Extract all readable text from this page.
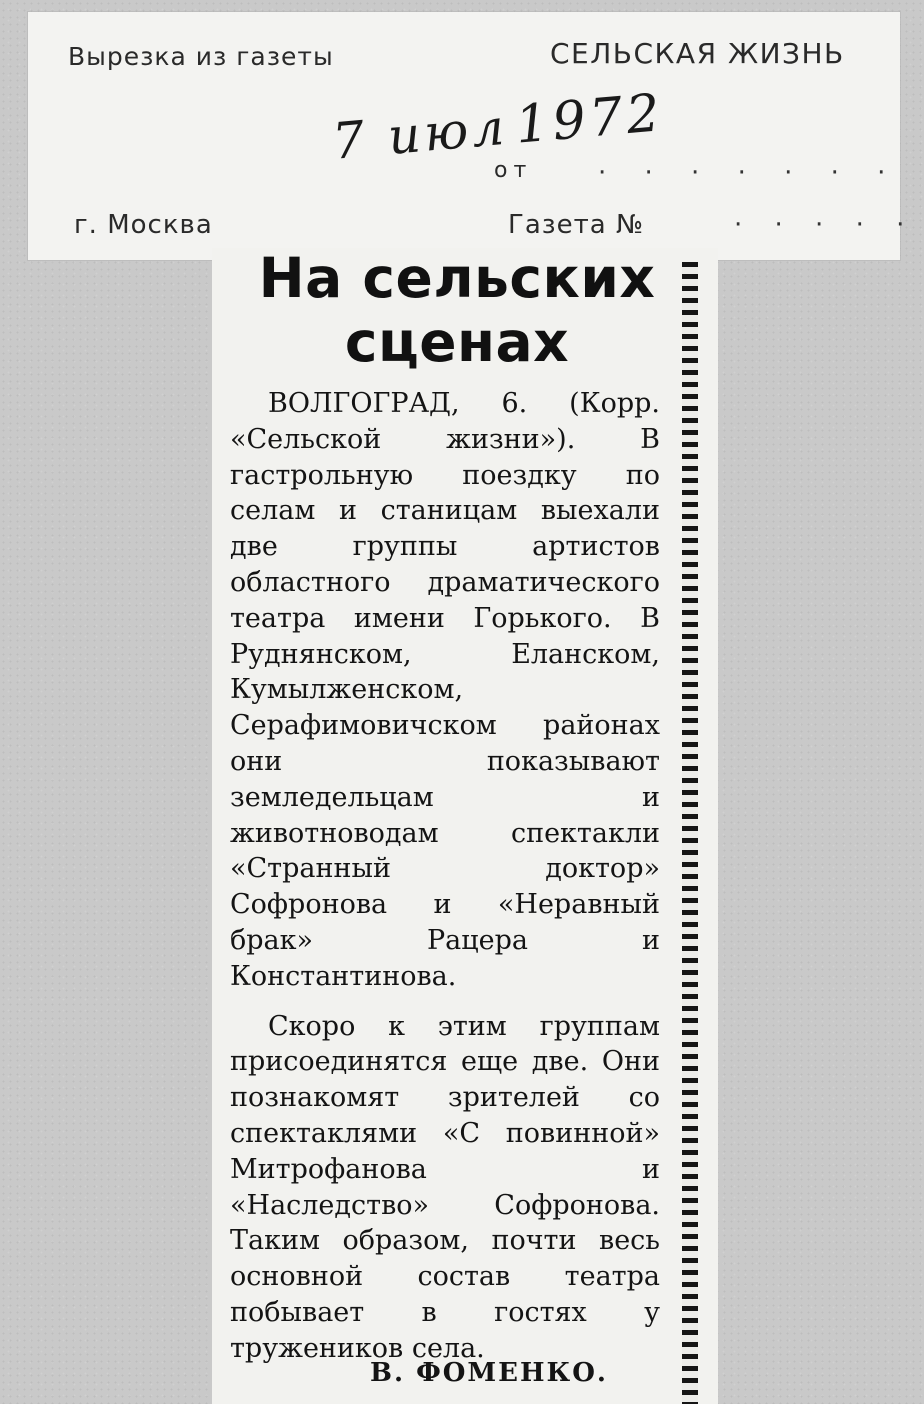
Вырезка из газеты	СЕЛЬСКАЯ ЖИЗНЬ
от	· · · · · · ·
г. Москва	Газета №	· · · · ·
7 июл1972
На сельских
сценах

ВОЛГОГРАД, 6. (Корр. «Сельской жизни»). В гастрольную поездку по селам и станицам выехали две группы артистов областного драматического театра имени Горького. В Руднянском, Еланском, Кумылженском, Серафимовичском районах они показывают земледельцам и животноводам спектакли «Странный доктор» Софронова и «Неравный брак» Рацера и Константинова.

Скоро к этим группам присоединятся еще две. Они познакомят зрителей со спектаклями «С повинной» Митрофанова и «Наследство» Софронова. Таким образом, почти весь основной состав театра побывает в гостях у тружеников села.

В. ФОМЕНКО.
